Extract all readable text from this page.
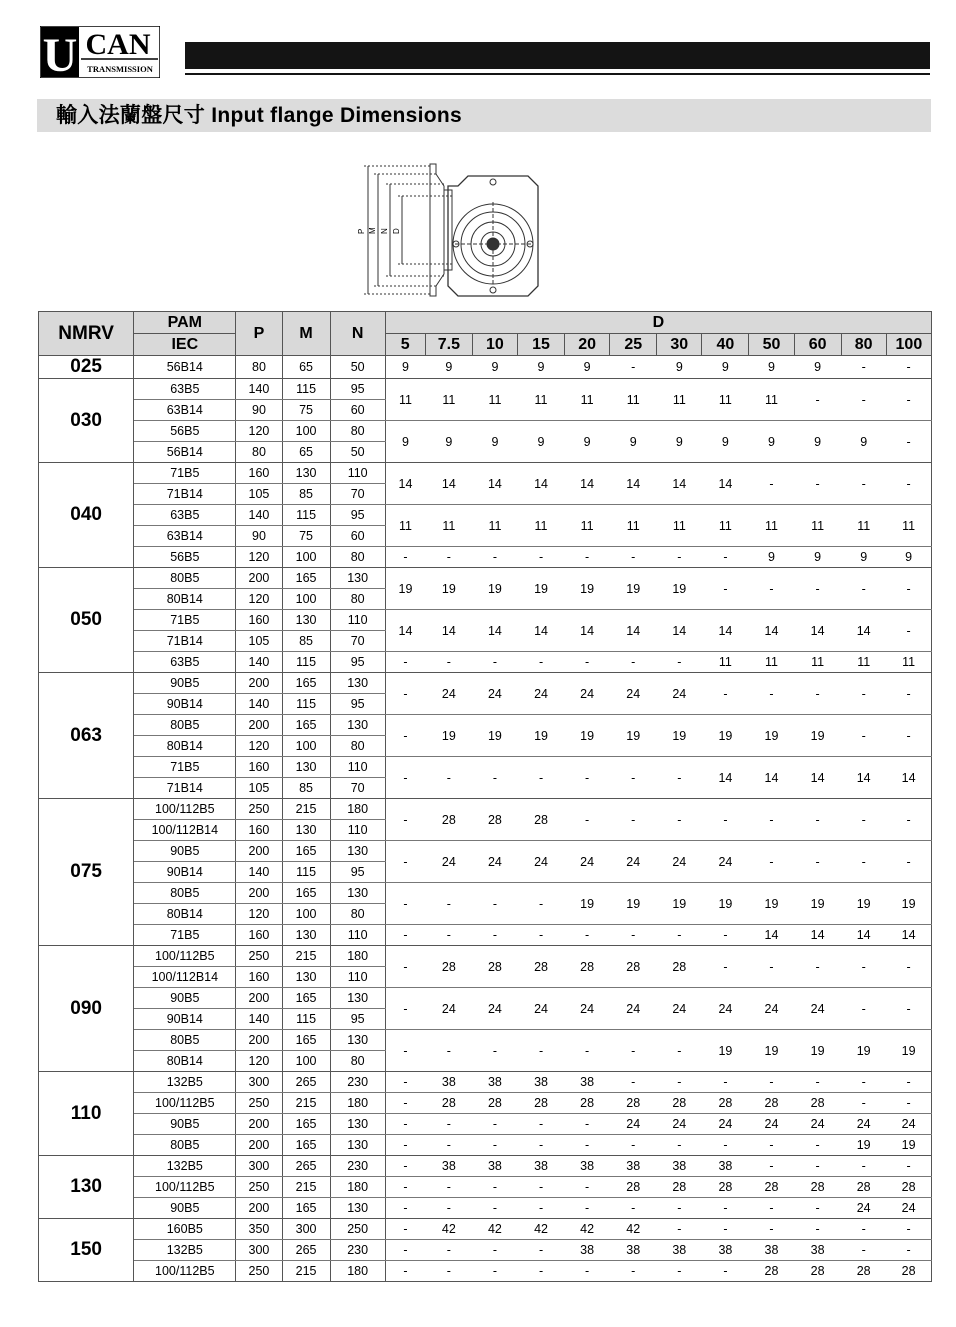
U CAN
TRANSMISSION
輸入法蘭盤尺寸 Input flange Dimensions
P M N D
NMRV	PAM	P	M	N	D											
	IEC				5	7.5	10	15	20	25	30	40	50	60	80	100
025	56B14	80	65	50	9	9	9	9	9	-	9	9	9	9	-	-
030	63B5	140	115	95	11	11	11	11	11	11	11	11	11	-	-	-
	63B14	90	75	60												
	56B5	120	100	80	9	9	9	9	9	9	9	9	9	9	9	-
	56B14	80	65	50												
040	71B5	160	130	110	14	14	14	14	14	14	14	14	-	-	-	-
	71B14	105	85	70												
	63B5	140	115	95	11	11	11	11	11	11	11	11	11	11	11	11
	63B14	90	75	60												
	56B5	120	100	80	-	-	-	-	-	-	-	-	9	9	9	9
050	80B5	200	165	130	19	19	19	19	19	19	19	-	-	-	-	-
	80B14	120	100	80												
	71B5	160	130	110	14	14	14	14	14	14	14	14	14	14	14	-
	71B14	105	85	70												
	63B5	140	115	95	-	-	-	-	-	-	-	11	11	11	11	11
063	90B5	200	165	130	-	24	24	24	24	24	24	-	-	-	-	-
	90B14	140	115	95												
	80B5	200	165	130	-	19	19	19	19	19	19	19	19	19	-	-
	80B14	120	100	80												
	71B5	160	130	110	-	-	-	-	-	-	-	14	14	14	14	14
	71B14	105	85	70												
075	100/112B5	250	215	180	-	28	28	28	-	-	-	-	-	-	-	-
	100/112B14	160	130	110												
	90B5	200	165	130	-	24	24	24	24	24	24	24	-	-	-	-
	90B14	140	115	95												
	80B5	200	165	130	-	-	-	-	19	19	19	19	19	19	19	19
	80B14	120	100	80												
	71B5	160	130	110	-	-	-	-	-	-	-	-	14	14	14	14
090	100/112B5	250	215	180	-	28	28	28	28	28	28	-	-	-	-	-
	100/112B14	160	130	110												
	90B5	200	165	130	-	24	24	24	24	24	24	24	24	24	-	-
	90B14	140	115	95												
	80B5	200	165	130	-	-	-	-	-	-	-	19	19	19	19	19
	80B14	120	100	80												
110	132B5	300	265	230	-	38	38	38	38	-	-	-	-	-	-	-
	100/112B5	250	215	180	-	28	28	28	28	28	28	28	28	28	-	-
	90B5	200	165	130	-	-	-	-	-	24	24	24	24	24	24	24
	80B5	200	165	130	-	-	-	-	-	-	-	-	-	-	19	19
130	132B5	300	265	230	-	38	38	38	38	38	38	38	-	-	-	-
	100/112B5	250	215	180	-	-	-	-	-	28	28	28	28	28	28	28
	90B5	200	165	130	-	-	-	-	-	-	-	-	-	-	24	24
150	160B5	350	300	250	-	42	42	42	42	42	-	-	-	-	-	-
	132B5	300	265	230	-	-	-	-	38	38	38	38	38	38	-	-
	100/112B5	250	215	180	-	-	-	-	-	-	-	-	28	28	28	28
